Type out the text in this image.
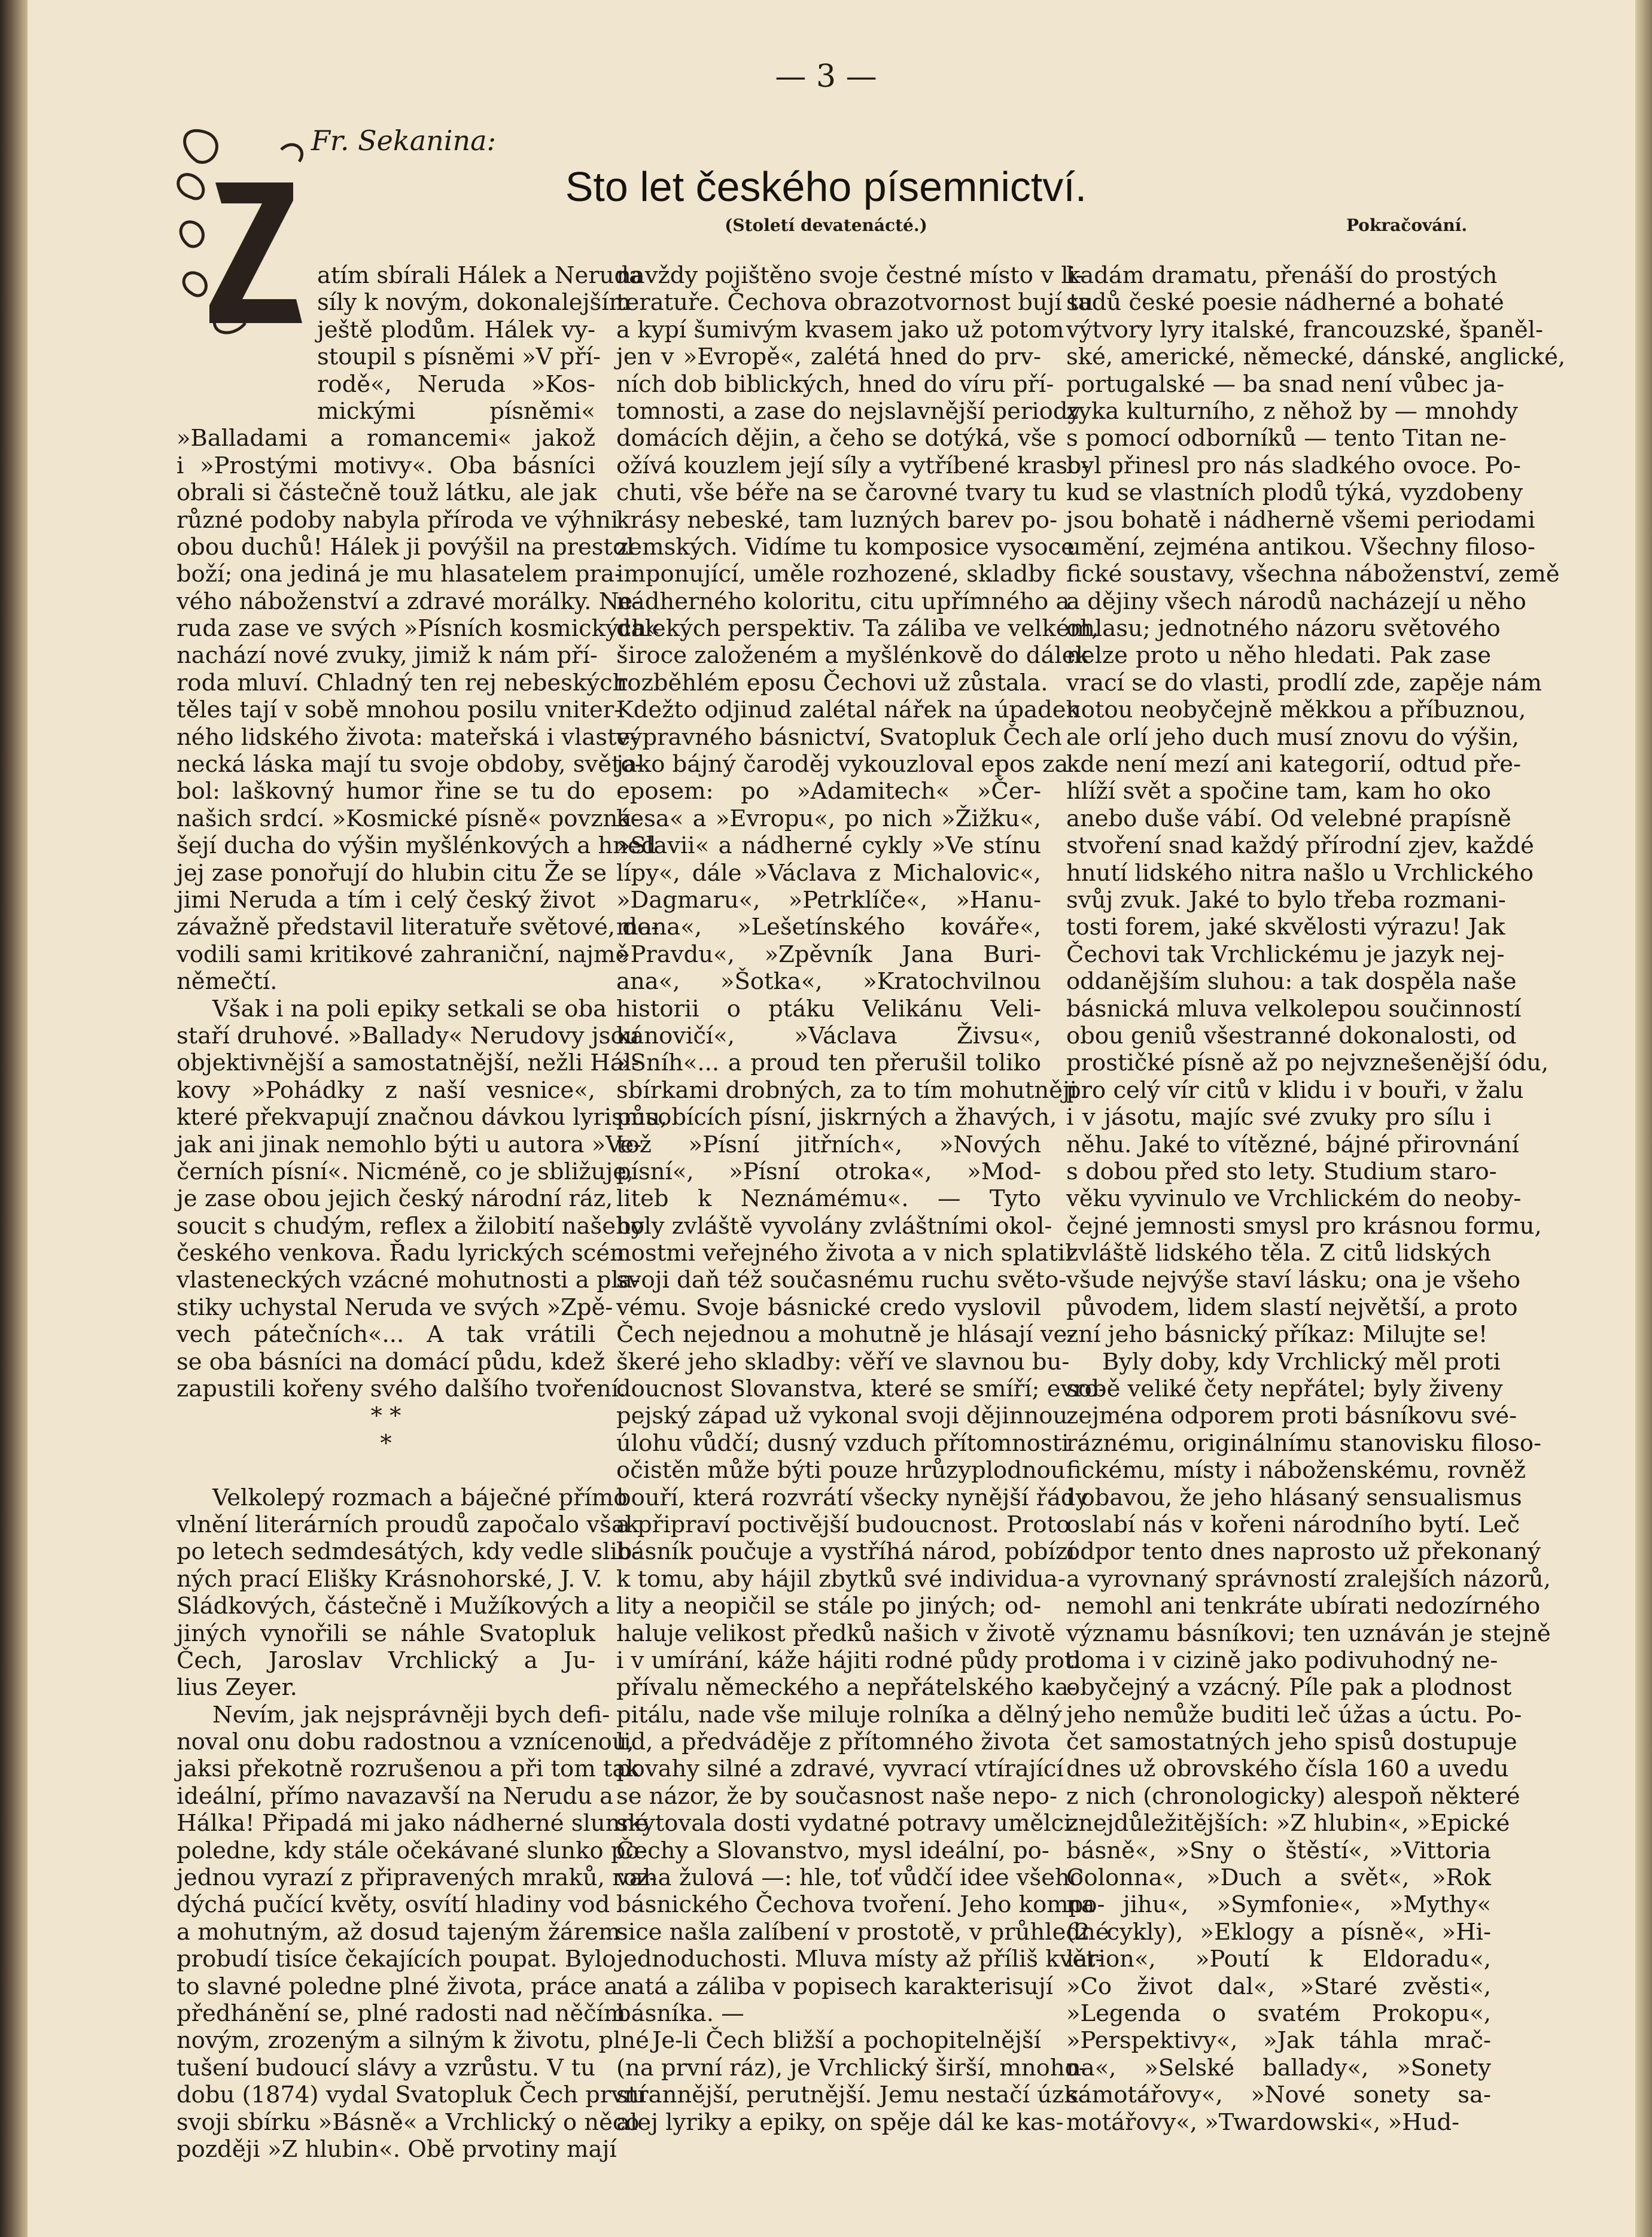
— 3 —
Fr. Sekanina:
Sto let českého písemnictví.
(Století devatenácté.)	Pokračování.
Z
atím sbírali Hálek a Neruda
síly k novým, dokonalejším
ještě plodům. Hálek vy-
stoupil s písněmi »V pří-
rodě«, Neruda »Kos-
mickými písněmi«
»Balladami a romancemi« jakož
i »Prostými motivy«. Oba básníci
obrali si částečně touž látku, ale jak
různé podoby nabyla příroda ve výhni
obou duchů! Hálek ji povýšil na prestol
boží; ona jediná je mu hlasatelem pra-
vého náboženství a zdravé morálky. Ne-
ruda zase ve svých »Písních kosmických«
nachází nové zvuky, jimiž k nám pří-
roda mluví. Chladný ten rej nebeských
těles tají v sobě mnohou posilu vniter-
ného lidského života: mateřská i vlaste-
necká láska mají tu svoje obdoby, světo-
bol: laškovný humor řine se tu do
našich srdcí. »Kosmické písně« povzná-
šejí ducha do výšin myšlénkových a hned
jej zase ponořují do hlubin citu Že se
jimi Neruda a tím i celý český život
závažně představil literatuře světové, do-
vodili sami kritikové zahraniční, najmě
němečtí.
Však i na poli epiky setkali se oba
staří druhové. »Ballady« Nerudovy jsou
objektivnější a samostatnější, nežli Hál-
kovy »Pohádky z naší vesnice«,
které překvapují značnou dávkou lyrismu,
jak ani jinak nemohlo býti u autora »Ve-
černích písní«. Nicméně, co je sbližuje,
je zase obou jejich český národní ráz,
soucit s chudým, reflex a žilobití našeho
českého venkova. Řadu lyrických scén
vlasteneckých vzácné mohutnosti a pla-
stiky uchystal Neruda ve svých »Zpě-
vech pátečních«... A tak vrátili
se oba básníci na domácí půdu, kdež
zapustili kořeny svého dalšího tvoření.
* *
*
Velkolepý rozmach a báječné přímo
vlnění literárních proudů započalo však
po letech sedmdesátých, kdy vedle slib-
ných prací Elišky Krásnohorské, J. V.
Sládkových, částečně i Mužíkových a
jiných vynořili se náhle Svatopluk
Čech, Jaroslav Vrchlický a Ju-
lius Zeyer.
Nevím, jak nejsprávněji bych defi-
noval onu dobu radostnou a vznícenou,
jaksi překotně rozrušenou a při tom tak
ideální, přímo navazavší na Nerudu a
Hálka! Připadá mi jako nádherné slunné
poledne, kdy stále očekávané slunko po-
jednou vyrazí z připravených mraků, roz-
dýchá pučící květy, osvítí hladiny vod
a mohutným, až dosud tajeným žárem
probudí tisíce čekajících poupat. Bylo
to slavné poledne plné života, práce a
předhánění se, plné radosti nad něčím
novým, zrozeným a silným k životu, plné
tušení budoucí slávy a vzrůstu. V tu
dobu (1874) vydal Svatopluk Čech první
svoji sbírku »Básně« a Vrchlický o něco
později »Z hlubin«. Obě prvotiny mají
navždy pojištěno svoje čestné místo v li-
teratuře. Čechova obrazotvornost bují tu
a kypí šumivým kvasem jako už potom
jen v »Evropě«, zalétá hned do prv-
ních dob biblických, hned do víru pří-
tomnosti, a zase do nejslavnější periody
domácích dějin, a čeho se dotýká, vše
ožívá kouzlem její síly a vytříbené kraso-
chuti, vše béře na se čarovné tvary tu
krásy nebeské, tam luzných barev po-
zemských. Vidíme tu komposice vysoce
imponující, uměle rozhozené, skladby
nádherného koloritu, citu upřímného a
dalekých perspektiv. Ta záliba ve velkém,
široce založeném a myšlénkově do dálek
rozběhlém eposu Čechovi už zůstala.
Kdežto odjinud zalétal nářek na úpadek
výpravného básnictví, Svatopluk Čech
jako bájný čaroděj vykouzloval epos za
eposem: po »Adamitech« »Čer-
kesa« a »Evropu«, po nich »Žižku«,
»Slavii« a nádherné cykly »Ve stínu
lípy«, dále »Václava z Michalovic«,
»Dagmaru«, »Petrklíče«, »Hanu-
mana«, »Lešetínského kováře«,
»Pravdu«, »Zpěvník Jana Buri-
ana«, »Šotka«, »Kratochvilnou
historii o ptáku Velikánu Veli-
kánovičí«, »Václava Živsu«,
»Sníh«... a proud ten přerušil toliko
sbírkami drobných, za to tím mohutněji
působících písní, jiskrných a žhavých,
tož »Písní jitřních«, »Nových
písní«, »Písní otroka«, »Mod-
liteb k Neznámému«. — Tyto
byly zvláště vyvolány zvláštními okol-
nostmi veřejného života a v nich splatil
svoji daň též současnému ruchu světo-
vému. Svoje básnické credo vyslovil
Čech nejednou a mohutně je hlásají ve-
škeré jeho skladby: věří ve slavnou bu-
doucnost Slovanstva, které se smíří; evro-
pejský západ už vykonal svoji dějinnou
úlohu vůdčí; dusný vzduch přítomnosti
očistěn může býti pouze hrůzyplodnou
bouří, která rozvrátí všecky nynější řády
a připraví poctivější budoucnost. Proto
básník poučuje a vystříhá národ, pobízí
k tomu, aby hájil zbytků své individua-
lity a neopičil se stále po jiných; od-
haluje velikost předků našich v životě
i v umírání, káže hájiti rodné půdy proti
přívalu německého a nepřátelského ka-
pitálu, nade vše miluje rolníka a dělný
lid, a předváděje z přítomného života
povahy silné a zdravé, vyvrací vtírající
se názor, že by současnost naše nepo-
skytovala dosti vydatné potravy umělci.
Čechy a Slovanstvo, mysl ideální, po-
vaha žulová —: hle, toť vůdčí idee všeho
básnického Čechova tvoření. Jeho kompo-
sice našla zalíbení v prostotě, v průhledné
jednoduchosti. Mluva místy až příliš květ-
natá a záliba v popisech karakterisují
básníka. —
Je-li Čech bližší a pochopitelnější
(na první ráz), je Vrchlický širší, mnoho-
strannější, perutnější. Jemu nestačí úzká
alej lyriky a epiky, on spěje dál ke kas-
kadám dramatu, přenáší do prostých
sadů české poesie nádherné a bohaté
výtvory lyry italské, francouzské, španěl-
ské, americké, německé, dánské, anglické,
portugalské — ba snad není vůbec ja-
zyka kulturního, z něhož by — mnohdy
s pomocí odborníků — tento Titan ne-
byl přinesl pro nás sladkého ovoce. Po-
kud se vlastních plodů týká, vyzdobeny
jsou bohatě i nádherně všemi periodami
umění, zejména antikou. Všechny filoso-
fické soustavy, všechna náboženství, země
a dějiny všech národů nacházejí u něho
ohlasu; jednotného názoru světového
nelze proto u něho hledati. Pak zase
vrací se do vlasti, prodlí zde, zapěje nám
notou neobyčejně měkkou a příbuznou,
ale orlí jeho duch musí znovu do výšin,
kde není mezí ani kategorií, odtud pře-
hlíží svět a spočine tam, kam ho oko
anebo duše vábí. Od velebné prapísně
stvoření snad každý přírodní zjev, každé
hnutí lidského nitra našlo u Vrchlického
svůj zvuk. Jaké to bylo třeba rozmani-
tosti forem, jaké skvělosti výrazu! Jak
Čechovi tak Vrchlickému je jazyk nej-
oddanějším sluhou: a tak dospěla naše
básnická mluva velkolepou součinností
obou geniů všestranné dokonalosti, od
prostičké písně až po nejvznešenější ódu,
pro celý vír citů v klidu i v bouři, v žalu
i v jásotu, majíc své zvuky pro sílu i
něhu. Jaké to vítězné, bájné přirovnání
s dobou před sto lety. Studium staro-
věku vyvinulo ve Vrchlickém do neoby-
čejné jemnosti smysl pro krásnou formu,
zvláště lidského těla. Z citů lidských
všude nejvýše staví lásku; ona je všeho
původem, lidem slastí největší, a proto
zní jeho básnický příkaz: Milujte se!
Byly doby, kdy Vrchlický měl proti
sobě veliké čety nepřátel; byly živeny
zejména odporem proti básníkovu své-
ráznému, originálnímu stanovisku filoso-
fickému, místy i náboženskému, rovněž
i obavou, že jeho hlásaný sensualismus
oslabí nás v kořeni národního bytí. Leč
odpor tento dnes naprosto už překonaný
a vyrovnaný správností zralejších názorů,
nemohl ani tenkráte ubírati nedozírného
významu básníkovi; ten uznáván je stejně
doma i v cizině jako podivuhodný ne-
obyčejný a vzácný. Píle pak a plodnost
jeho nemůže buditi leč úžas a úctu. Po-
čet samostatných jeho spisů dostupuje
dnes už obrovského čísla 160 a uvedu
z nich (chronologicky) alespoň některé
znejdůležitějších: »Z hlubin«, »Epické
básně«, »Sny o štěstí«, »Vittoria
Colonna«, »Duch a svět«, »Rok
na jihu«, »Symfonie«, »Mythy«
(2 cykly), »Eklogy a písně«, »Hi-
larion«, »Poutí k Eldoradu«,
»Co život dal«, »Staré zvěsti«,
»Legenda o svatém Prokopu«,
»Perspektivy«, »Jak táhla mrač-
na«, »Selské ballady«, »Sonety
samotářovy«, »Nové sonety sa-
motářovy«, »Twardowski«, »Hud-
